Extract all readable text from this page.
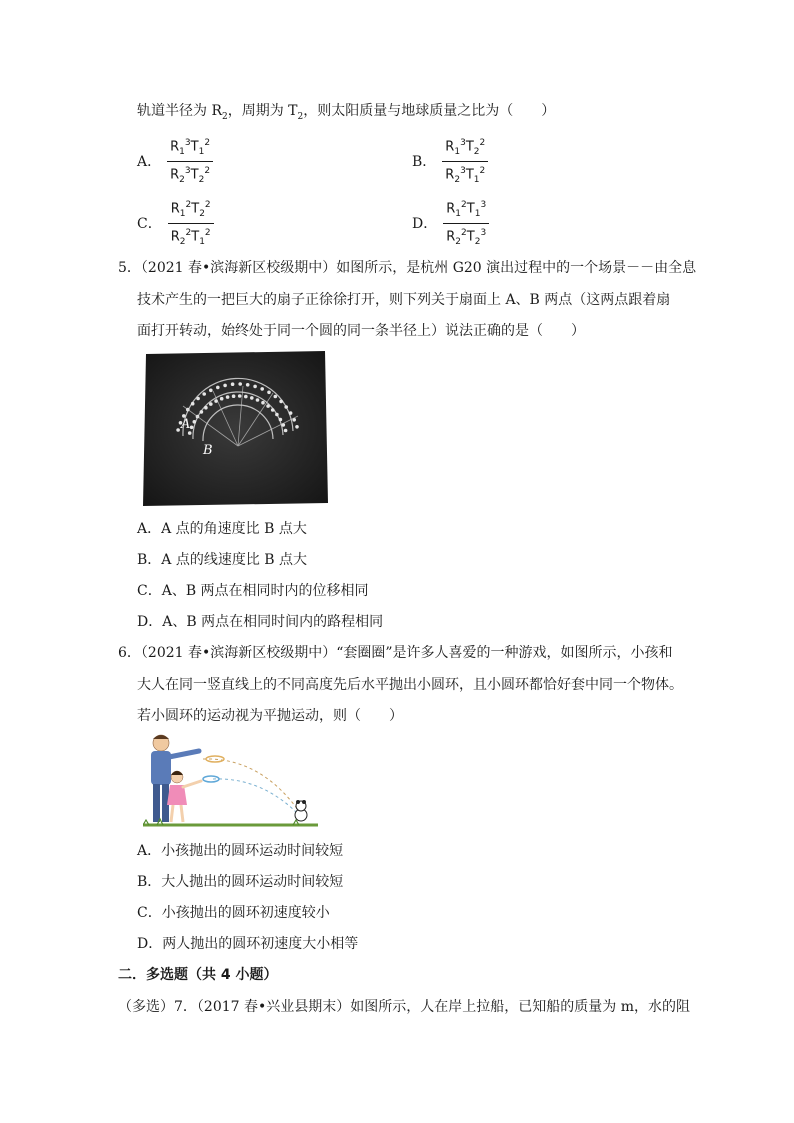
轨道半径为 $R_2$，周期为 $T_2$，则太阳质量与地球质量之比为（　　）
A． $\frac{R_1^3T_1^2}{R_2^3T_2^2}$	B． $\frac{R_1^3T_2^2}{R_2^3T_1^2}$
C． $\frac{R_1^2T_2^2}{R_2^2T_1^2}$	D． $\frac{R_1^2T_1^3}{R_2^2T_2^3}$
5．（2021 春•滨海新区校级期中）如图所示，是杭州 G20 演出过程中的一个场景－－由全息
技术产生的一把巨大的扇子正徐徐打开，则下列关于扇面上 A、B 两点（这两点跟着扇
面打开转动，始终处于同一个圆的同一条半径上）说法正确的是（　　）
A
B
A．A 点的角速度比 B 点大
B．A 点的线速度比 B 点大
C．A、B 两点在相同时内的位移相同
D．A、B 两点在相同时间内的路程相同
6．（2021 春•滨海新区校级期中）“套圈圈”是许多人喜爱的一种游戏，如图所示，小孩和
大人在同一竖直线上的不同高度先后水平抛出小圆环，且小圆环都恰好套中同一个物体。
若小圆环的运动视为平抛运动，则（　　）
A．小孩抛出的圆环运动时间较短
B．大人抛出的圆环运动时间较短
C．小孩抛出的圆环初速度较小
D．两人抛出的圆环初速度大小相等
二．多选题（共 4 小题）
（多选）7．（2017 春•兴业县期末）如图所示，人在岸上拉船，已知船的质量为 m，水的阻
